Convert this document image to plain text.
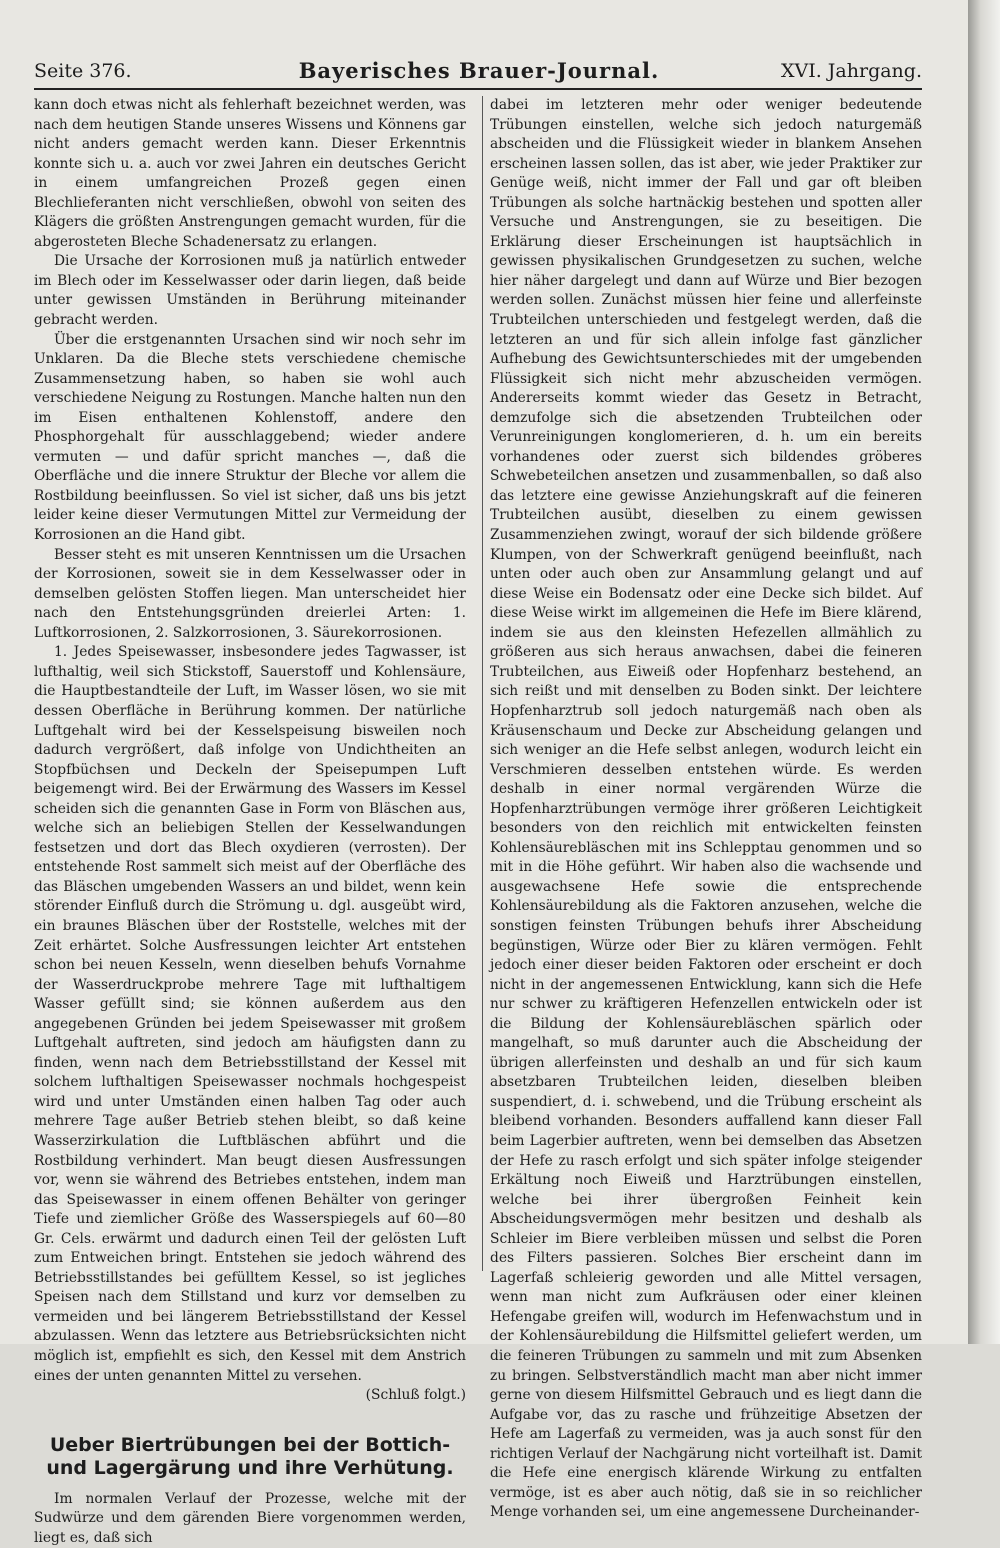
Seite 376.	Bayerisches Brauer-Journal.	XVI. Jahrgang.

kann doch etwas nicht als fehlerhaft bezeichnet werden, was nach dem heutigen Stande unseres Wissens und Könnens gar nicht anders gemacht werden kann. Dieser Erkenntnis konnte sich u. a. auch vor zwei Jahren ein deutsches Gericht in einem umfangreichen Prozeß gegen einen Blechlieferanten nicht verschließen, obwohl von seiten des Klägers die größten Anstrengungen gemacht wurden, für die abgerosteten Bleche Schadenersatz zu erlangen.

Die Ursache der Korrosionen muß ja natürlich entweder im Blech oder im Kesselwasser oder darin liegen, daß beide unter gewissen Umständen in Berührung miteinander gebracht werden.

Über die erstgenannten Ursachen sind wir noch sehr im Unklaren. Da die Bleche stets verschiedene chemische Zusammensetzung haben, so haben sie wohl auch verschiedene Neigung zu Rostungen. Manche halten nun den im Eisen enthaltenen Kohlenstoff, andere den Phosphorgehalt für ausschlaggebend; wieder andere vermuten — und dafür spricht manches —, daß die Oberfläche und die innere Struktur der Bleche vor allem die Rostbildung beeinflussen. So viel ist sicher, daß uns bis jetzt leider keine dieser Vermutungen Mittel zur Vermeidung der Korrosionen an die Hand gibt.

Besser steht es mit unseren Kenntnissen um die Ursachen der Korrosionen, soweit sie in dem Kesselwasser oder in demselben gelösten Stoffen liegen. Man unterscheidet hier nach den Entstehungsgründen dreierlei Arten: 1. Luftkorrosionen, 2. Salzkorrosionen, 3. Säurekorrosionen.

1. Jedes Speisewasser, insbesondere jedes Tagwasser, ist lufthaltig, weil sich Stickstoff, Sauerstoff und Kohlensäure, die Hauptbestandteile der Luft, im Wasser lösen, wo sie mit dessen Oberfläche in Berührung kommen. Der natürliche Luftgehalt wird bei der Kesselspeisung bisweilen noch dadurch vergrößert, daß infolge von Undichtheiten an Stopfbüchsen und Deckeln der Speisepumpen Luft beigemengt wird. Bei der Erwärmung des Wassers im Kessel scheiden sich die genannten Gase in Form von Bläschen aus, welche sich an beliebigen Stellen der Kesselwandungen festsetzen und dort das Blech oxydieren (verrosten). Der entstehende Rost sammelt sich meist auf der Oberfläche des das Bläschen umgebenden Wassers an und bildet, wenn kein störender Einfluß durch die Strömung u. dgl. ausgeübt wird, ein braunes Bläschen über der Roststelle, welches mit der Zeit erhärtet. Solche Ausfressungen leichter Art entstehen schon bei neuen Kesseln, wenn dieselben behufs Vornahme der Wasserdruckprobe mehrere Tage mit lufthaltigem Wasser gefüllt sind; sie können außerdem aus den angegebenen Gründen bei jedem Speisewasser mit großem Luftgehalt auftreten, sind jedoch am häufigsten dann zu finden, wenn nach dem Betriebsstillstand der Kessel mit solchem lufthaltigen Speisewasser nochmals hochgespeist wird und unter Umständen einen halben Tag oder auch mehrere Tage außer Betrieb stehen bleibt, so daß keine Wasserzirkulation die Luftbläschen abführt und die Rostbildung verhindert. Man beugt diesen Ausfressungen vor, wenn sie während des Betriebes entstehen, indem man das Speisewasser in einem offenen Behälter von geringer Tiefe und ziemlicher Größe des Wasserspiegels auf 60—80 Gr. Cels. erwärmt und dadurch einen Teil der gelösten Luft zum Entweichen bringt. Entstehen sie jedoch während des Betriebsstillstandes bei gefülltem Kessel, so ist jegliches Speisen nach dem Stillstand und kurz vor demselben zu vermeiden und bei längerem Betriebsstillstand der Kessel abzulassen. Wenn das letztere aus Betriebsrücksichten nicht möglich ist, empfiehlt es sich, den Kessel mit dem Anstrich eines der unten genannten Mittel zu versehen.

(Schluß folgt.)

Ueber Biertrübungen bei der Bottich- und Lagergärung und ihre Verhütung.

Im normalen Verlauf der Prozesse, welche mit der Sudwürze und dem gärenden Biere vorgenommen werden, liegt es, daß sich

dabei im letzteren mehr oder weniger bedeutende Trübungen einstellen, welche sich jedoch naturgemäß abscheiden und die Flüssigkeit wieder in blankem Ansehen erscheinen lassen sollen, das ist aber, wie jeder Praktiker zur Genüge weiß, nicht immer der Fall und gar oft bleiben Trübungen als solche hartnäckig bestehen und spotten aller Versuche und Anstrengungen, sie zu beseitigen. Die Erklärung dieser Erscheinungen ist hauptsächlich in gewissen physikalischen Grundgesetzen zu suchen, welche hier näher dargelegt und dann auf Würze und Bier bezogen werden sollen. Zunächst müssen hier feine und allerfeinste Trubteilchen unterschieden und festgelegt werden, daß die letzteren an und für sich allein infolge fast gänzlicher Aufhebung des Gewichtsunterschiedes mit der umgebenden Flüssigkeit sich nicht mehr abzuscheiden vermögen. Andererseits kommt wieder das Gesetz in Betracht, demzufolge sich die absetzenden Trubteilchen oder Verunreinigungen konglomerieren, d. h. um ein bereits vorhandenes oder zuerst sich bildendes gröberes Schwebeteilchen ansetzen und zusammenballen, so daß also das letztere eine gewisse Anziehungskraft auf die feineren Trubteilchen ausübt, dieselben zu einem gewissen Zusammenziehen zwingt, worauf der sich bildende größere Klumpen, von der Schwerkraft genügend beeinflußt, nach unten oder auch oben zur Ansammlung gelangt und auf diese Weise ein Bodensatz oder eine Decke sich bildet. Auf diese Weise wirkt im allgemeinen die Hefe im Biere klärend, indem sie aus den kleinsten Hefezellen allmählich zu größeren aus sich heraus anwachsen, dabei die feineren Trubteilchen, aus Eiweiß oder Hopfenharz bestehend, an sich reißt und mit denselben zu Boden sinkt. Der leichtere Hopfenharztrub soll jedoch naturgemäß nach oben als Kräusenschaum und Decke zur Abscheidung gelangen und sich weniger an die Hefe selbst anlegen, wodurch leicht ein Verschmieren desselben entstehen würde. Es werden deshalb in einer normal vergärenden Würze die Hopfenharztrübungen vermöge ihrer größeren Leichtigkeit besonders von den reichlich mit entwickelten feinsten Kohlensäurebläschen mit ins Schlepptau genommen und so mit in die Höhe geführt. Wir haben also die wachsende und ausgewachsene Hefe sowie die entsprechende Kohlensäurebildung als die Faktoren anzusehen, welche die sonstigen feinsten Trübungen behufs ihrer Abscheidung begünstigen, Würze oder Bier zu klären vermögen. Fehlt jedoch einer dieser beiden Faktoren oder erscheint er doch nicht in der angemessenen Entwicklung, kann sich die Hefe nur schwer zu kräftigeren Hefenzellen entwickeln oder ist die Bildung der Kohlensäurebläschen spärlich oder mangelhaft, so muß darunter auch die Abscheidung der übrigen allerfeinsten und deshalb an und für sich kaum absetzbaren Trubteilchen leiden, dieselben bleiben suspendiert, d. i. schwebend, und die Trübung erscheint als bleibend vorhanden. Besonders auffallend kann dieser Fall beim Lagerbier auftreten, wenn bei demselben das Absetzen der Hefe zu rasch erfolgt und sich später infolge steigender Erkältung noch Eiweiß und Harztrübungen einstellen, welche bei ihrer übergroßen Feinheit kein Abscheidungsvermögen mehr besitzen und deshalb als Schleier im Biere verbleiben müssen und selbst die Poren des Filters passieren. Solches Bier erscheint dann im Lagerfaß schleierig geworden und alle Mittel versagen, wenn man nicht zum Aufkräusen oder einer kleinen Hefengabe greifen will, wodurch im Hefenwachstum und in der Kohlensäurebildung die Hilfsmittel geliefert werden, um die feineren Trübungen zu sammeln und mit zum Absenken zu bringen. Selbstverständlich macht man aber nicht immer gerne von diesem Hilfsmittel Gebrauch und es liegt dann die Aufgabe vor, das zu rasche und frühzeitige Absetzen der Hefe am Lagerfaß zu vermeiden, was ja auch sonst für den richtigen Verlauf der Nachgärung nicht vorteilhaft ist. Damit die Hefe eine energisch klärende Wirkung zu entfalten vermöge, ist es aber auch nötig, daß sie in so reichlicher Menge vorhanden sei, um eine angemessene Durcheinander-
